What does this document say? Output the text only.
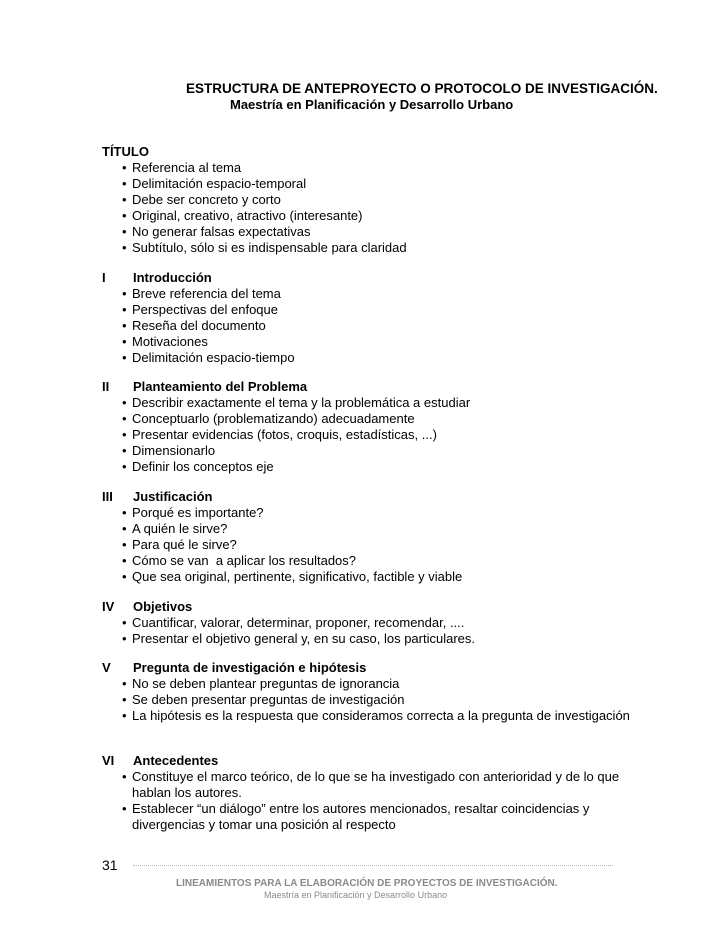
ESTRUCTURA DE ANTEPROYECTO O PROTOCOLO DE INVESTIGACIÓN.
Maestría en Planificación y Desarrollo Urbano
TÍTULO
• Referencia al tema
• Delimitación espacio-temporal
• Debe ser concreto y corto
• Original, creativo, atractivo (interesante)
• No generar falsas expectativas
• Subtítulo, sólo si es indispensable para claridad
I	Introducción
• Breve referencia del tema
• Perspectivas del enfoque
• Reseña del documento
• Motivaciones
• Delimitación espacio-tiempo
II	Planteamiento del Problema
• Describir exactamente el tema y la problemática a estudiar
• Conceptuarlo (problematizando) adecuadamente
• Presentar evidencias (fotos, croquis, estadísticas, ...)
• Dimensionarlo
• Definir los conceptos eje
III	Justificación
• Porqué es importante?
• A quién le sirve?
• Para qué le sirve?
• Cómo se van  a aplicar los resultados?
• Que sea original, pertinente, significativo, factible y viable
IV	Objetivos
• Cuantificar, valorar, determinar, proponer, recomendar, ....
• Presentar el objetivo general y, en su caso, los particulares.
V	Pregunta de investigación e hipótesis
• No se deben plantear preguntas de ignorancia
• Se deben presentar preguntas de investigación
• La hipótesis es la respuesta que consideramos correcta a la pregunta de investigación
VI	Antecedentes
• Constituye el marco teórico, de lo que se ha investigado con anterioridad y de lo que hablan los autores.
• Establecer “un diálogo” entre los autores mencionados, resaltar coincidencias y divergencias y tomar una posición al respecto
31
LINEAMIENTOS PARA LA ELABORACIÓN DE PROYECTOS DE INVESTIGACIÓN.
Maestría en Planificación y Desarrollo Urbano
